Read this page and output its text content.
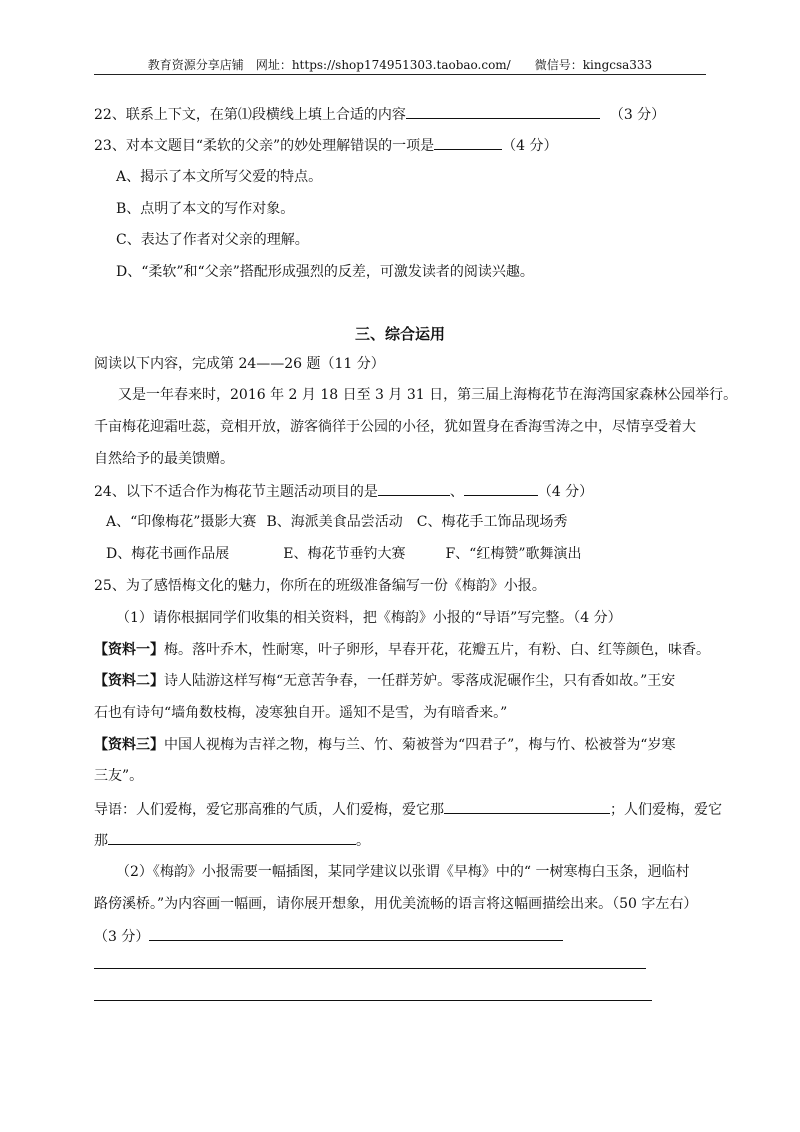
教育资源分享店铺 网址：https://shop174951303.taobao.com/ 微信号：kingcsa333
22、联系上下文，在第⑴段横线上填上合适的内容	（3 分）
23、对本文题目“柔软的父亲”的妙处理解错误的一项是	（4 分）
A、揭示了本文所写父爱的特点。
B、点明了本文的写作对象。
C、表达了作者对父亲的理解。
D、“柔软”和“父亲”搭配形成强烈的反差，可激发读者的阅读兴趣。
三、综合运用
阅读以下内容，完成第 24——26 题（11 分）
又是一年春来时，2016 年 2 月 18 日至 3 月 31 日，第三届上海梅花节在海湾国家森林公园举行。
千亩梅花迎霜吐蕊，竞相开放，游客徜徉于公园的小径，犹如置身在香海雪涛之中，尽情享受着大
自然给予的最美馈赠。
24、以下不适合作为梅花节主题活动项目的是	、	（4 分）
A、“印像梅花”摄影大赛 B、海派美食品尝活动 C、梅花手工饰品现场秀
D、梅花书画作品展	E、梅花节垂钓大赛	F、“红梅赞”歌舞演出
25、为了感悟梅文化的魅力，你所在的班级准备编写一份《梅韵》小报。
（1）请你根据同学们收集的相关资料，把《梅韵》小报的“导语”写完整。（4 分）
【资料一】梅。落叶乔木，性耐寒，叶子卵形，早春开花，花瓣五片，有粉、白、红等颜色，味香。
【资料二】诗人陆游这样写梅“无意苦争春，一任群芳妒。零落成泥碾作尘，只有香如故。”王安
石也有诗句“墙角数枝梅，凌寒独自开。遥知不是雪，为有暗香来。”
【资料三】中国人视梅为吉祥之物，梅与兰、竹、菊被誉为“四君子”，梅与竹、松被誉为“岁寒
三友”。
导语：人们爱梅，爱它那高雅的气质，人们爱梅，爱它那	；人们爱梅，爱它
那	。
（2）《梅韵》小报需要一幅插图，某同学建议以张谓《早梅》中的“ 一树寒梅白玉条，迥临村
路傍溪桥。”为内容画一幅画，请你展开想象，用优美流畅的语言将这幅画描绘出来。（50 字左右）
（3 分）
